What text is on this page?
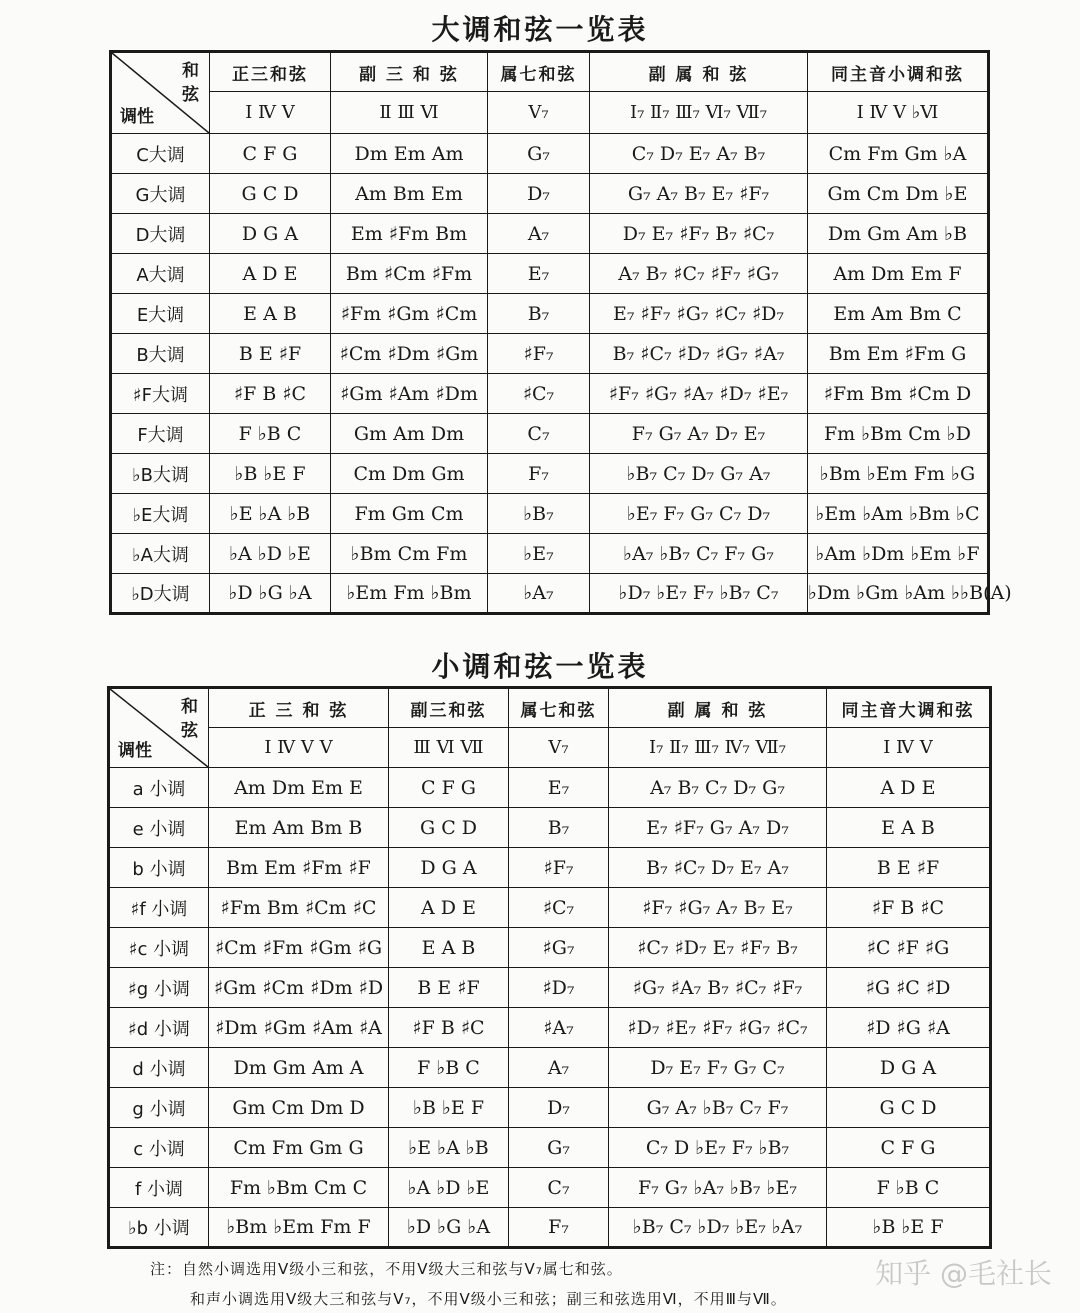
大调和弦一览表
和
弦
调性	正三和弦	副 三 和 弦	属七和弦	副 属 和 弦	同主音小调和弦
	Ⅰ Ⅳ Ⅴ	Ⅱ Ⅲ Ⅵ	Ⅴ₇	Ⅰ₇ Ⅱ₇ Ⅲ₇ Ⅵ₇ Ⅶ₇	Ⅰ Ⅳ Ⅴ ♭Ⅵ
C大调	C F G	Dm Em Am	G₇	C₇ D₇ E₇ A₇ B₇	Cm Fm Gm ♭A
G大调	G C D	Am Bm Em	D₇	G₇ A₇ B₇ E₇ ♯F₇	Gm Cm Dm ♭E
D大调	D G A	Em ♯Fm Bm	A₇	D₇ E₇ ♯F₇ B₇ ♯C₇	Dm Gm Am ♭B
A大调	A D E	Bm ♯Cm ♯Fm	E₇	A₇ B₇ ♯C₇ ♯F₇ ♯G₇	Am Dm Em F
E大调	E A B	♯Fm ♯Gm ♯Cm	B₇	E₇ ♯F₇ ♯G₇ ♯C₇ ♯D₇	Em Am Bm C
B大调	B E ♯F	♯Cm ♯Dm ♯Gm	♯F₇	B₇ ♯C₇ ♯D₇ ♯G₇ ♯A₇	Bm Em ♯Fm G
♯F大调	♯F B ♯C	♯Gm ♯Am ♯Dm	♯C₇	♯F₇ ♯G₇ ♯A₇ ♯D₇ ♯E₇	♯Fm Bm ♯Cm D
F大调	F ♭B C	Gm Am Dm	C₇	F₇ G₇ A₇ D₇ E₇	Fm ♭Bm Cm ♭D
♭B大调	♭B ♭E F	Cm Dm Gm	F₇	♭B₇ C₇ D₇ G₇ A₇	♭Bm ♭Em Fm ♭G
♭E大调	♭E ♭A ♭B	Fm Gm Cm	♭B₇	♭E₇ F₇ G₇ C₇ D₇	♭Em ♭Am ♭Bm ♭C
♭A大调	♭A ♭D ♭E	♭Bm Cm Fm	♭E₇	♭A₇ ♭B₇ C₇ F₇ G₇	♭Am ♭Dm ♭Em ♭F
♭D大调	♭D ♭G ♭A	♭Em Fm ♭Bm	♭A₇	♭D₇ ♭E₇ F₇ ♭B₇ C₇	♭Dm ♭Gm ♭Am ♭♭B(A)
小调和弦一览表
和
弦
调性	正 三 和 弦	副三和弦	属七和弦	副 属 和 弦	同主音大调和弦
	Ⅰ Ⅳ Ⅴ Ⅴ	Ⅲ Ⅵ Ⅶ	Ⅴ₇	Ⅰ₇ Ⅱ₇ Ⅲ₇ Ⅳ₇ Ⅶ₇	Ⅰ Ⅳ Ⅴ
a 小调	Am Dm Em E	C F G	E₇	A₇ B₇ C₇ D₇ G₇	A D E
e 小调	Em Am Bm B	G C D	B₇	E₇ ♯F₇ G₇ A₇ D₇	E A B
b 小调	Bm Em ♯Fm ♯F	D G A	♯F₇	B₇ ♯C₇ D₇ E₇ A₇	B E ♯F
♯f 小调	♯Fm Bm ♯Cm ♯C	A D E	♯C₇	♯F₇ ♯G₇ A₇ B₇ E₇	♯F B ♯C
♯c 小调	♯Cm ♯Fm ♯Gm ♯G	E A B	♯G₇	♯C₇ ♯D₇ E₇ ♯F₇ B₇	♯C ♯F ♯G
♯g 小调	♯Gm ♯Cm ♯Dm ♯D	B E ♯F	♯D₇	♯G₇ ♯A₇ B₇ ♯C₇ ♯F₇	♯G ♯C ♯D
♯d 小调	♯Dm ♯Gm ♯Am ♯A	♯F B ♯C	♯A₇	♯D₇ ♯E₇ ♯F₇ ♯G₇ ♯C₇	♯D ♯G ♯A
d 小调	Dm Gm Am A	F ♭B C	A₇	D₇ E₇ F₇ G₇ C₇	D G A
g 小调	Gm Cm Dm D	♭B ♭E F	D₇	G₇ A₇ ♭B₇ C₇ F₇	G C D
c 小调	Cm Fm Gm G	♭E ♭A ♭B	G₇	C₇ D ♭E₇ F₇ ♭B₇	C F G
f 小调	Fm ♭Bm Cm C	♭A ♭D ♭E	C₇	F₇ G₇ ♭A₇ ♭B₇ ♭E₇	F ♭B C
♭b 小调	♭Bm ♭Em Fm F	♭D ♭G ♭A	F₇	♭B₇ C₇ ♭D₇ ♭E₇ ♭A₇	♭B ♭E F
注：自然小调选用Ⅴ级小三和弦，不用Ⅴ级大三和弦与Ⅴ₇属七和弦。
和声小调选用Ⅴ级大三和弦与Ⅴ₇，不用Ⅴ级小三和弦；副三和弦选用Ⅵ，不用Ⅲ与Ⅶ。
知乎 @毛社长
